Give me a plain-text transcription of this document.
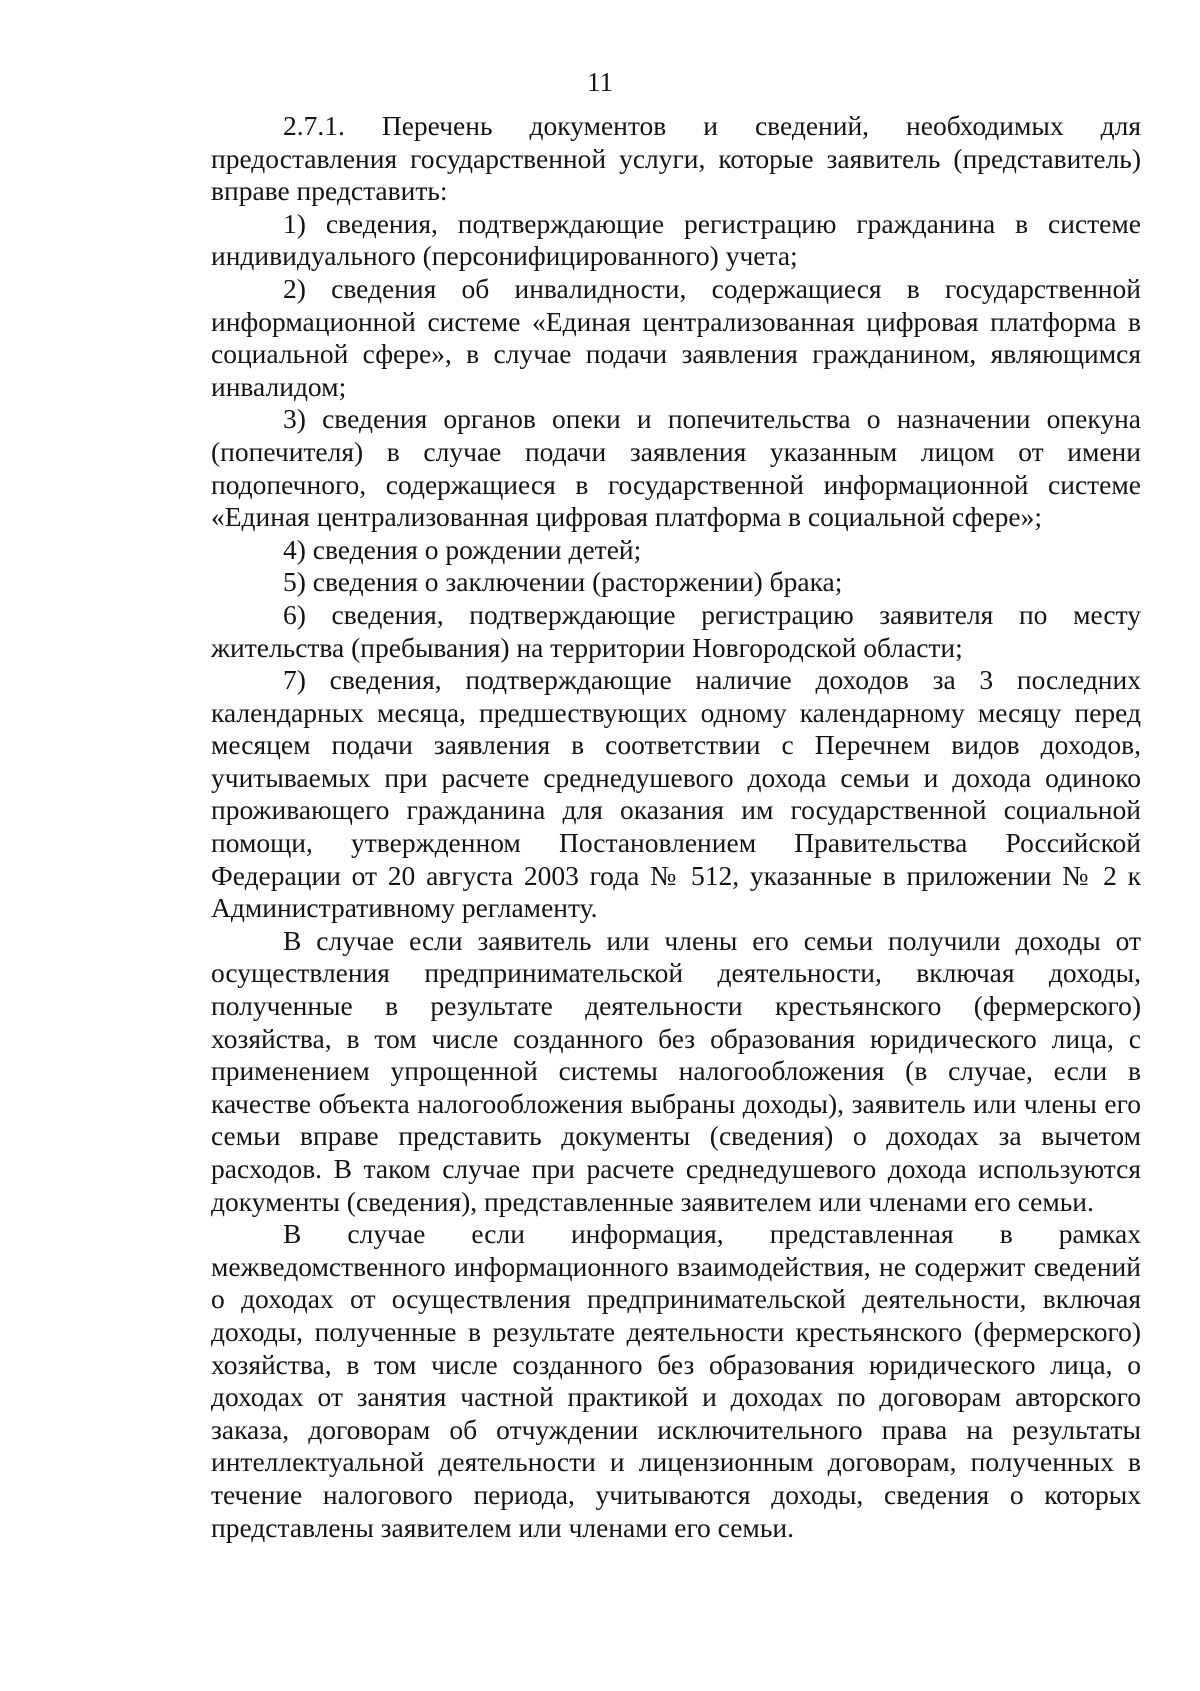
11

2.7.1. Перечень документов и сведений, необходимых для предоставления государственной услуги, которые заявитель (представитель) вправе представить:

1) сведения, подтверждающие регистрацию гражданина в системе индивидуального (персонифицированного) учета;

2) сведения об инвалидности, содержащиеся в государственной информационной системе «Единая централизованная цифровая платформа в социальной сфере», в случае подачи заявления гражданином, являющимся инвалидом;

3) сведения органов опеки и попечительства о назначении опекуна (попечителя) в случае подачи заявления указанным лицом от имени подопечного, содержащиеся в государственной информационной системе «Единая централизованная цифровая платформа в социальной сфере»;

4) сведения о рождении детей;

5) сведения о заключении (расторжении) брака;

6) сведения, подтверждающие регистрацию заявителя по месту жительства (пребывания) на территории Новгородской области;

7) сведения, подтверждающие наличие доходов за 3 последних календарных месяца, предшествующих одному календарному месяцу перед месяцем подачи заявления в соответствии с Перечнем видов доходов, учитываемых при расчете среднедушевого дохода семьи и дохода одиноко проживающего гражданина для оказания им государственной социальной помощи, утвержденном Постановлением Правительства Российской Федерации от 20 августа 2003 года № 512, указанные в приложении № 2 к Административному регламенту.

В случае если заявитель или члены его семьи получили доходы от осуществления предпринимательской деятельности, включая доходы, полученные в результате деятельности крестьянского (фермерского) хозяйства, в том числе созданного без образования юридического лица, с применением упрощенной системы налогообложения (в случае, если в качестве объекта налогообложения выбраны доходы), заявитель или члены его семьи вправе представить документы (сведения) о доходах за вычетом расходов. В таком случае при расчете среднедушевого дохода используются документы (сведения), представленные заявителем или членами его семьи.

В случае если информация, представленная в рамках межведомственного информационного взаимодействия, не содержит сведений о доходах от осуществления предпринимательской деятельности, включая доходы, полученные в результате деятельности крестьянского (фермерского) хозяйства, в том числе созданного без образования юридического лица, о доходах от занятия частной практикой и доходах по договорам авторского заказа, договорам об отчуждении исключительного права на результаты интеллектуальной деятельности и лицензионным договорам, полученных в течение налогового периода, учитываются доходы, сведения о которых представлены заявителем или членами его семьи.
